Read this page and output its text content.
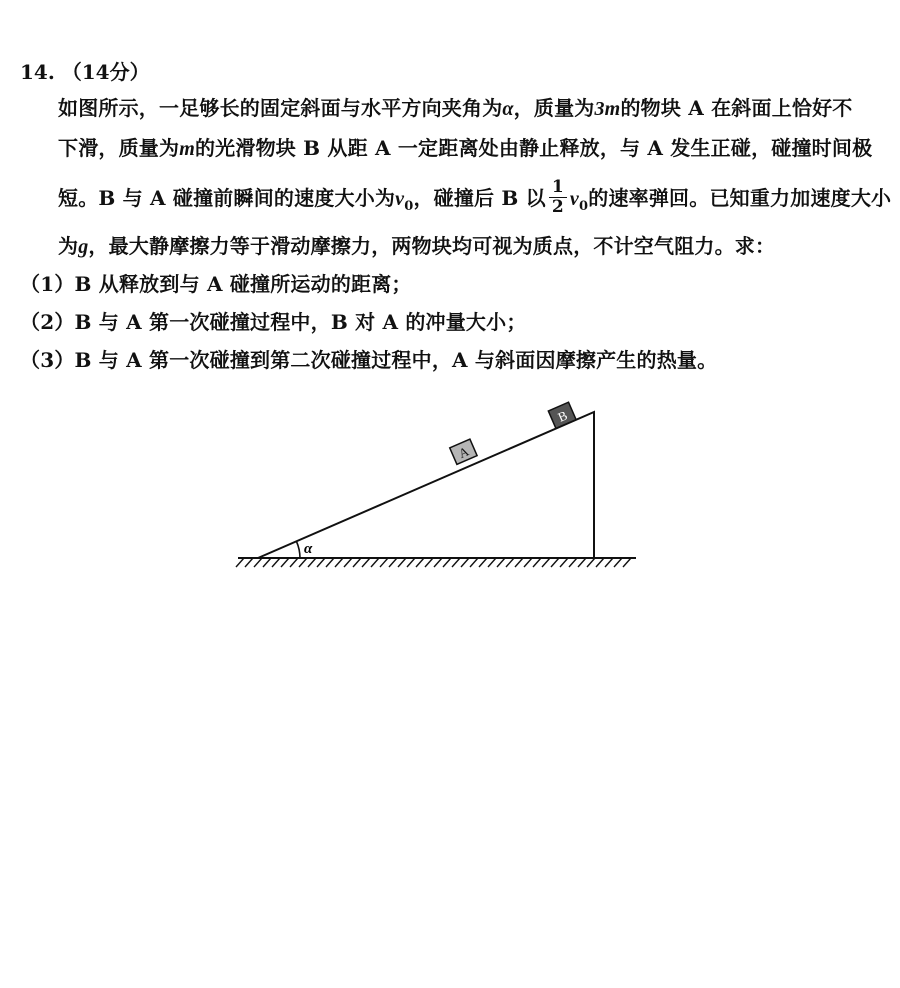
14. （14分）
如图所示，一足够长的固定斜面与水平方向夹角为α，质量为3m的物块 A 在斜面上恰好不
下滑，质量为m的光滑物块 B 从距 A 一定距离处由静止释放，与 A 发生正碰，碰撞时间极
短。B 与 A 碰撞前瞬间的速度大小为$v_0$，碰撞后 B 以 $\frac{1}{2} v_0$的速率弹回。已知重力加速度大小
为g，最大静摩擦力等于滑动摩擦力，两物块均可视为质点，不计空气阻力。求：
（1）B 从释放到与 A 碰撞所运动的距离；
（2）B 与 A 第一次碰撞过程中，B 对 A 的冲量大小；
（3）B 与 A 第一次碰撞到第二次碰撞过程中，A 与斜面因摩擦产生的热量。
α
A
B
